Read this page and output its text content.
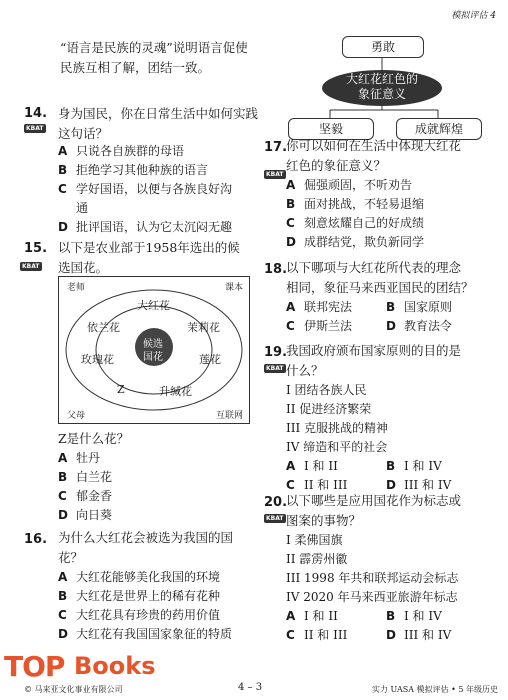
模拟评估 4
“语言是民族的灵魂”说明语言促使民族互相了解，团结一致。
14.
KBAT
身为国民，你在日常生活中如何实践这句话？
A 只说各自族群的母语
B 拒绝学习其他种族的语言
C 学好国语，以便与各族良好沟
通
D 批评国语，认为它太沉闷无趣
15.
KBAT
以下是农业部于1958年选出的候
选国花。
老师	课本
父母	互联网
大红花
依兰花	茉莉花
玫瑰花	莲花
Z	升缄花
候选
国花
Z是什么花？
A 牡丹
B 白兰花
C 郁金香
D 向日葵
16. 为什么大红花会被选为我国的国
花？
A 大红花能够美化我国的环境
B 大红花是世界上的稀有花种
C 大红花具有珍贵的药用价值
D 大红花有我国国家象征的特质
勇敢
大红花红色的
象征意义
坚毅	成就辉煌
17.
KBAT
你可以如何在生活中体现大红花
红色的象征意义？
A 倔强顽固，不听劝告
B 面对挑战，不轻易退缩
C 刻意炫耀自己的好成绩
D 成群结党，欺负新同学
18.
以下哪项与大红花所代表的理念
相同，象征马来西亚国民的团结？
A 联邦宪法	B 国家原则
C 伊斯兰法	D 教育法令
19.
KBAT
我国政府颁布国家原则的目的是
什么？
I 团结各族人民
II 促进经济繁荣
III 克服挑战的精神
IV 缔造和平的社会
A I 和 II	B I 和 IV
C II 和 III	D III 和 IV
20.
KBAT
以下哪些是应用国花作为标志或
图案的事物？
I 柔佛国旗
II 霹雳州徽
III 1998 年共和联邦运动会标志
IV 2020 年马来西亚旅游年标志
A I 和 II	B I 和 IV
C II 和 III	D III 和 IV
TOP Books
© 马来亚文化事业有限公司	4 – 3	实力 UASA 模拟评估 • 5 年级历史
